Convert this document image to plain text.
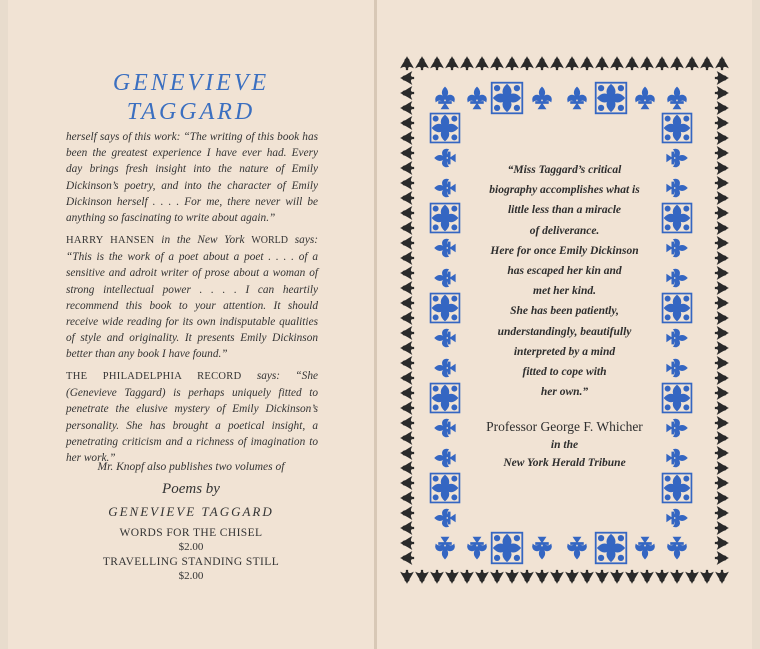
GENEVIEVE
TAGGARD

herself says of this work: “The writing of this book has been the greatest experience I have ever had. Every day brings fresh insight into the nature of Emily Dickinson’s poetry, and into the character of Emily Dickinson herself . . . . For me, there never will be anything so fascinating to write about again.”

HARRY HANSEN in the New York WORLD says: “This is the work of a poet about a poet . . . . of a sensitive and adroit writer of prose about a woman of strong intellectual power . . . . I can heartily recommend this book to your attention. It should receive wide reading for its own indisputable qualities of style and originality. It presents Emily Dickinson better than any book I have found.”

THE PHILADELPHIA RECORD says: “She (Genevieve Taggard) is perhaps uniquely fitted to penetrate the elusive mystery of Emily Dickinson’s personality. She has brought a poetical insight, a penetrating criticism and a richness of imagination to her work.”

Mr. Knopf also publishes two volumes of
Poems by
GENEVIEVE TAGGARD
WORDS FOR THE CHISEL
$2.00
TRAVELLING STANDING STILL
$2.00
“Miss Taggard’s critical
biography accomplishes what is
little less than a miracle
of deliverance.
Here for once Emily Dickinson
has escaped her kin and
met her kind.
She has been patiently,
understandingly, beautifully
interpreted by a mind
fitted to cope with
her own.”
Professor George F. Whicher
in the
New York Herald Tribune
